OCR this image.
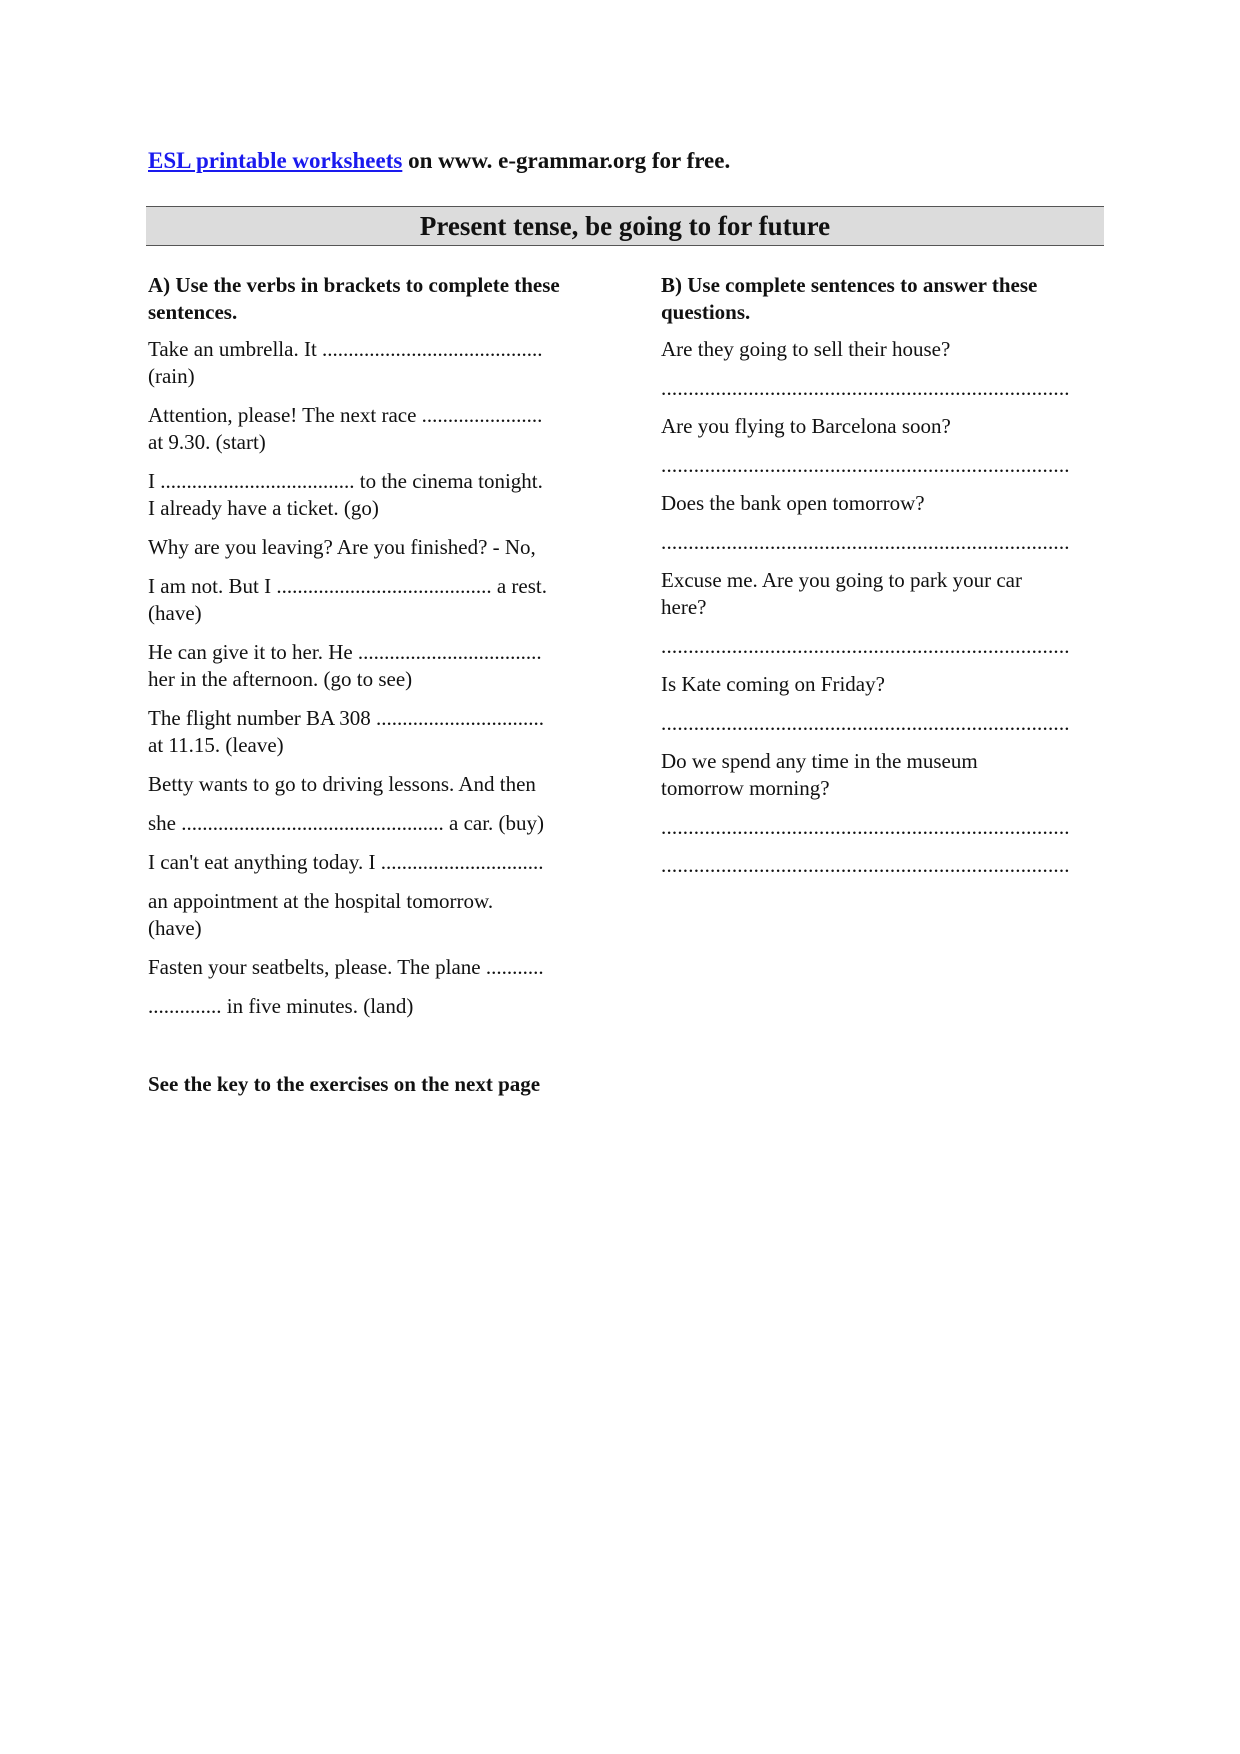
ESL printable worksheets on www. e-grammar.org for free.
Present tense, be going to for future
A) Use the verbs in brackets to complete these sentences.
Take an umbrella. It ..........................................
(rain)
Attention, please! The next race .......................
at 9.30. (start)
I ..................................... to the cinema tonight.
I already have a ticket. (go)
Why are you leaving? Are you finished? - No,
I am not. But I ......................................... a rest.
(have)
He can give it to her. He ...................................
her in the afternoon. (go to see)
The flight number BA 308 ................................
at 11.15. (leave)
Betty wants to go to driving lessons. And then
she .................................................. a car. (buy)
I can't eat anything today. I ...............................
an appointment at the hospital tomorrow.
(have)
Fasten your seatbelts, please. The plane ...........
.............. in five minutes. (land)
B) Use complete sentences to answer these questions.
Are they going to sell their house?
...........................................................................
Are you flying to Barcelona soon?
...........................................................................
Does the bank open tomorrow?
...........................................................................
Excuse me. Are you going to park your car
here?
...........................................................................
Is Kate coming on Friday?
...........................................................................
Do we spend any time in the museum
tomorrow morning?
...........................................................................
...........................................................................
See the key to the exercises on the next page
